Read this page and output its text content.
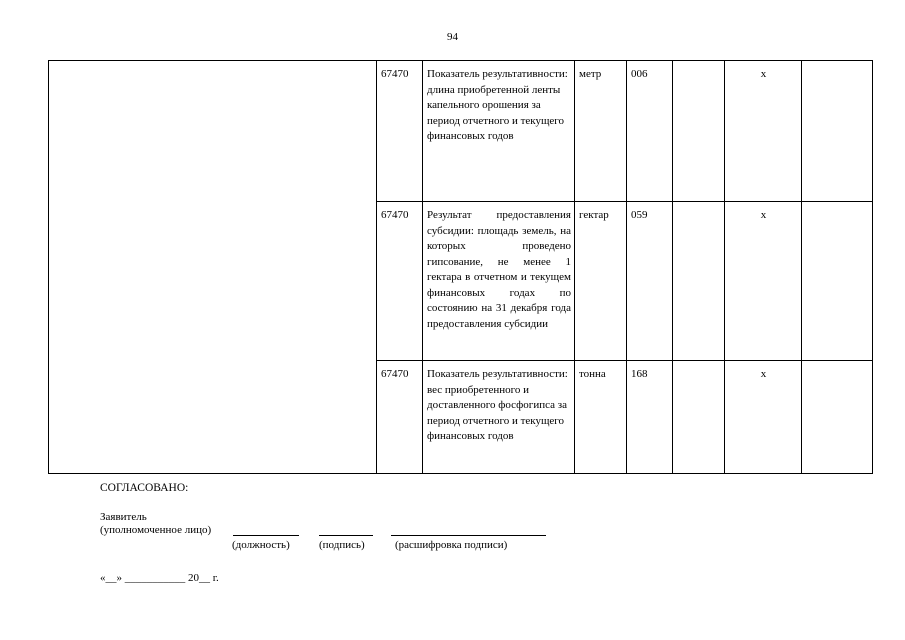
94
	67470	Показатель результативности: длина приобретенной ленты капельного орошения за период отчетного и текущего финансовых годов	метр	006		x	
	67470	Результат предоставления субсидии: площадь земель, на которых проведено гипсование, не менее 1 гектара в отчетном и текущем финансовых годах по состоянию на 31 декабря года предоставления субсидии	гектар	059		x	
	67470	Показатель результативности: вес приобретенного и доставленного фосфогипса за период отчетного и текущего финансовых годов	тонна	168		x	
СОГЛАСОВАНО:
Заявитель
(уполномоченное лицо)
(должность)	(подпись)	(расшифровка подписи)
«__» ___________ 20__ г.
